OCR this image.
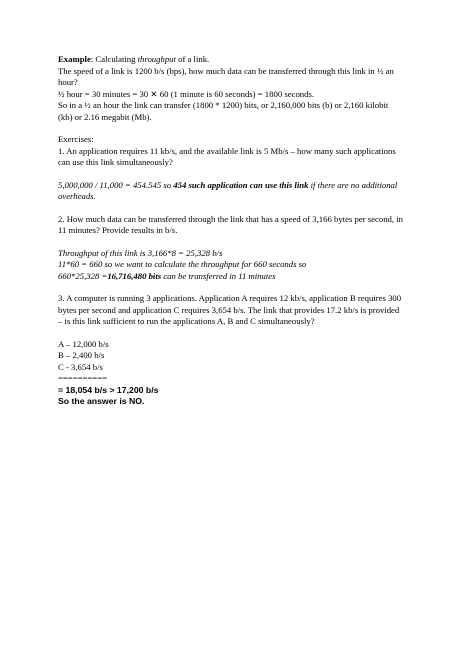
Example: Calculating throughput of a link.

The speed of a link is 1200 b/s (bps), how much data can be transferred through this link in ½ an hour?

½ hour = 30 minutes = 30 ✕ 60 (1 minute is 60 seconds) = 1800 seconds.

So in a ½ an hour the link can transfer (1800 * 1200) bits, or 2,160,000 bits (b) or 2,160 kilobit (kb) or 2.16 megabit (Mb).

Exercises:

1. An application requires 11 kb/s, and the available link is 5 Mb/s – how many such applications can use this link simultaneously?

5,000,000 / 11,000 = 454.545 so 454 such application can use this link if there are no additional overheads.

2. How much data can be transferred through the link that has a speed of 3,166 bytes per second, in 11 minutes? Provide results in b/s.

Throughput of this link is 3,166*8 = 25,328 b/s

11*60 = 660 so we want to calculate the throughput for 660 seconds so

660*25,328 =16,716,480 bits can be transferred in 11 minutes

3. A computer is running 3 applications. Application A requires 12 kb/s, application B requires 300 bytes per second and application C requires 3,654 b/s. The link that provides 17.2 kb/s is provided – is this link sufficient to run the applications A, B and C simultaneously?

A – 12,000 b/s

B – 2,400 b/s

C - 3,654 b/s

==========

= 18,054 b/s > 17,200 b/s

So the answer is NO.
